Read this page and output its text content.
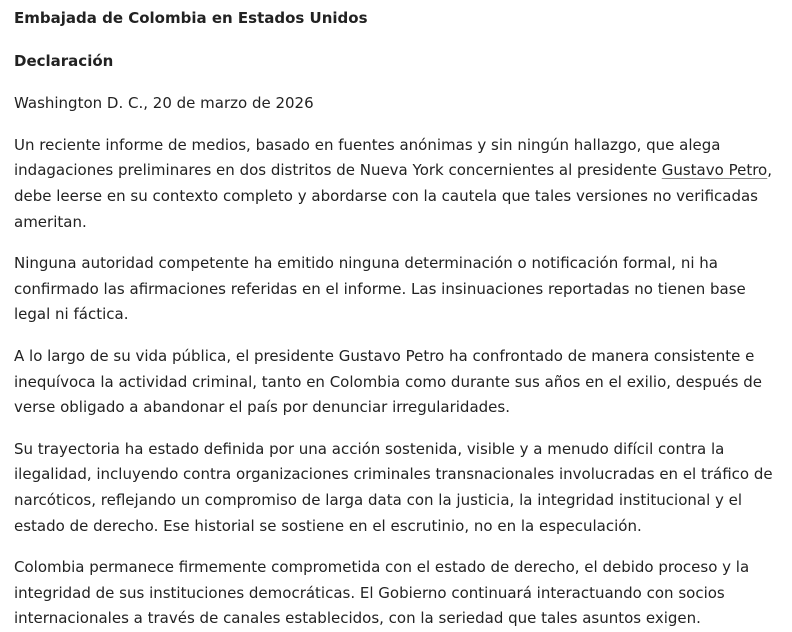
Embajada de Colombia en Estados Unidos
Declaración
Washington D. C., 20 de marzo de 2026

Un reciente informe de medios, basado en fuentes anónimas y sin ningún hallazgo, que alega indagaciones preliminares en dos distritos de Nueva York concernientes al presidente Gustavo Petro, debe leerse en su contexto completo y abordarse con la cautela que tales versiones no verificadas ameritan.

Ninguna autoridad competente ha emitido ninguna determinación o notificación formal, ni ha confirmado las afirmaciones referidas en el informe. Las insinuaciones reportadas no tienen base legal ni fáctica.

A lo largo de su vida pública, el presidente Gustavo Petro ha confrontado de manera consistente e inequívoca la actividad criminal, tanto en Colombia como durante sus años en el exilio, después de verse obligado a abandonar el país por denunciar irregularidades.

Su trayectoria ha estado definida por una acción sostenida, visible y a menudo difícil contra la ilegalidad, incluyendo contra organizaciones criminales transnacionales involucradas en el tráfico de narcóticos, reflejando un compromiso de larga data con la justicia, la integridad institucional y el estado de derecho. Ese historial se sostiene en el escrutinio, no en la especulación.

Colombia permanece firmemente comprometida con el estado de derecho, el debido proceso y la integridad de sus instituciones democráticas. El Gobierno continuará interactuando con socios internacionales a través de canales establecidos, con la seriedad que tales asuntos exigen.
